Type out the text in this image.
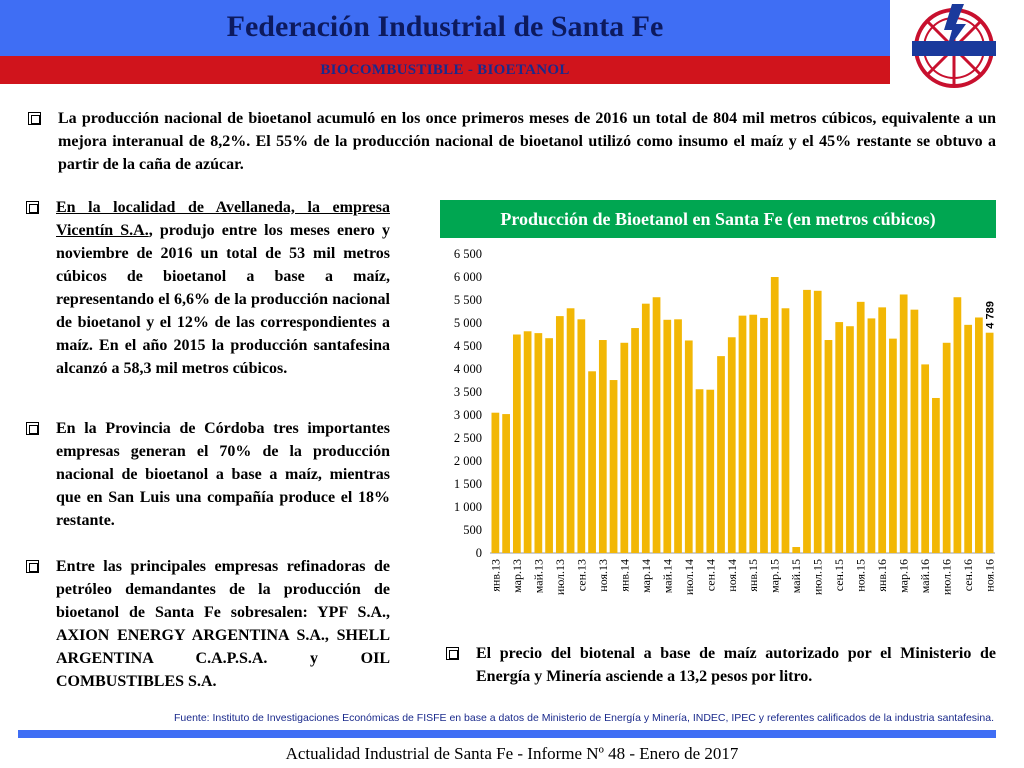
Federación Industrial de Santa Fe
BIOCOMBUSTIBLE - BIOETANOL
La producción nacional de bioetanol acumuló en los once primeros meses de 2016 un total de 804 mil metros cúbicos, equivalente a un mejora interanual de 8,2%. El 55% de la producción nacional de bioetanol utilizó como insumo el maíz y el 45% restante se obtuvo a partir de la caña de azúcar.
En la localidad de Avellaneda, la empresa Vicentín S.A., produjo entre los meses enero y noviembre de 2016 un total de 53 mil metros cúbicos de bioetanol a base a maíz, representando el 6,6% de la producción nacional de bioetanol y el 12% de las correspondientes a maíz. En el año 2015 la producción santafesina alcanzó a 58,3 mil metros cúbicos.
En la Provincia de Córdoba tres importantes empresas generan el 70% de la producción nacional de bioetanol a base a maíz, mientras que en San Luis una compañía produce el 18% restante.
Entre las principales empresas refinadoras de petróleo demandantes de la producción de bioetanol de Santa Fe sobresalen: YPF S.A., AXION ENERGY ARGENTINA S.A., SHELL ARGENTINA C.A.P.S.A. y OIL COMBUSTIBLES S.A.
Producción de Bioetanol en Santa Fe (en metros cúbicos)
0
500
1 000
1 500
2 000
2 500
3 000
3 500
4 000
4 500
5 000
5 500
6 000
6 500
янв.13 мар.13 май.13 июл.13 сен.13 ноя.13 янв.14 мар.14 май.14 июл.14 сен.14 ноя.14 янв.15 мар.15 май.15 июл.15 сен.15 ноя.15 янв.16 мар.16 май.16 июл.16 сен.16 ноя.16
4 789
El precio del biotenal a base de maíz autorizado por el Ministerio de Energía y Minería asciende a 13,2 pesos por litro.
Fuente: Instituto de Investigaciones Económicas de FISFE en base a datos de Ministerio de Energía y Minería, INDEC, IPEC y referentes calificados de la industria santafesina.
Actualidad Industrial de Santa Fe - Informe Nº 48 - Enero de 2017
